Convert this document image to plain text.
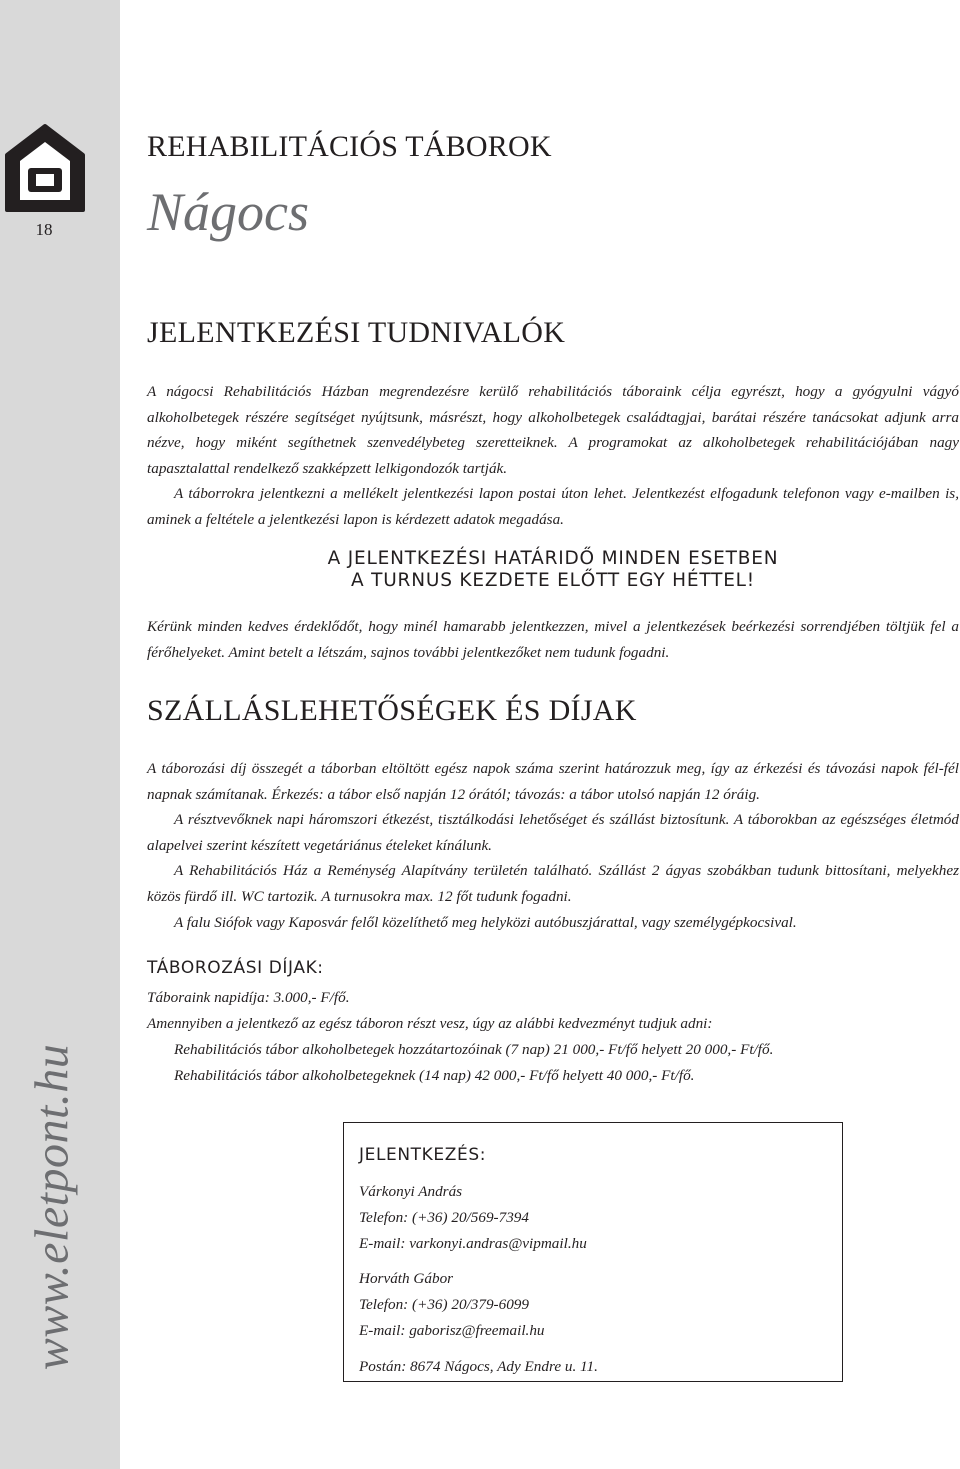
18
www.eletpont.hu
REHABILITÁCIÓS TÁBOROK
Nágocs
JELENTKEZÉSI TUDNIVALÓK

A nágocsi Rehabilitációs Házban megrendezésre kerülő rehabilitációs táboraink célja egyrészt, hogy a gyógyulni vágyó alkoholbetegek részére segítséget nyújtsunk, másrészt, hogy alkoholbetegek családtagjai, barátai részére tanácsokat adjunk arra nézve, hogy miként segíthetnek szenvedélybeteg szeretteiknek. A programokat az alkoholbetegek rehabilitációjában nagy tapasztalattal rendelkező szakképzett lelkigondozók tartják.

A táborrokra jelentkezni a mellékelt jelentkezési lapon postai úton lehet. Jelentkezést elfogadunk telefonon vagy e-mailben is, aminek a feltétele a jelentkezési lapon is kérdezett adatok megadása.

A JELENTKEZÉSI HATÁRIDŐ MINDEN ESETBEN
A TURNUS KEZDETE ELŐTT EGY HÉTTEL!

Kérünk minden kedves érdeklődőt, hogy minél hamarabb jelentkezzen, mivel a jelentkezések beérkezési sorrendjében töltjük fel a férőhelyeket. Amint betelt a létszám, sajnos további jelentkezőket nem tudunk fogadni.

SZÁLLÁSLEHETŐSÉGEK ÉS DÍJAK

A táborozási díj összegét a táborban eltöltött egész napok száma szerint határozzuk meg, így az érkezési és távozási napok fél-fél napnak számítanak. Érkezés: a tábor első napján 12 órától; távozás: a tábor utolsó napján 12 óráig.

A résztvevőknek napi háromszori étkezést, tisztálkodási lehetőséget és szállást biztosítunk. A táborokban az egészséges életmód alapelvei szerint készített vegetáriánus ételeket kínálunk.

A Rehabilitációs Ház a Reménység Alapítvány területén található. Szállást 2 ágyas szobákban tudunk bittosítani, melyekhez közös fürdő ill. WC tartozik. A turnusokra max. 12 főt tudunk fogadni.

A falu Siófok vagy Kaposvár felől közelíthető meg helyközi autóbuszjárattal, vagy személygépkocsival.

TÁBOROZÁSI DÍJAK:
Táboraink napidíja: 3.000,- F/fő.
Amennyiben a jelentkező az egész táboron részt vesz, úgy az alábbi kedvezményt tudjuk adni:
Rehabilitációs tábor alkoholbetegek hozzátartozóinak (7 nap) 21 000,- Ft/fő helyett 20 000,- Ft/fő.
Rehabilitációs tábor alkoholbetegeknek (14 nap) 42 000,- Ft/fő helyett 40 000,- Ft/fő.
JELENTKEZÉS:
Várkonyi András
Telefon: (+36) 20/569-7394
E-mail: varkonyi.andras@vipmail.hu
Horváth Gábor
Telefon: (+36) 20/379-6099
E-mail: gaborisz@freemail.hu
Postán: 8674 Nágocs, Ady Endre u. 11.
